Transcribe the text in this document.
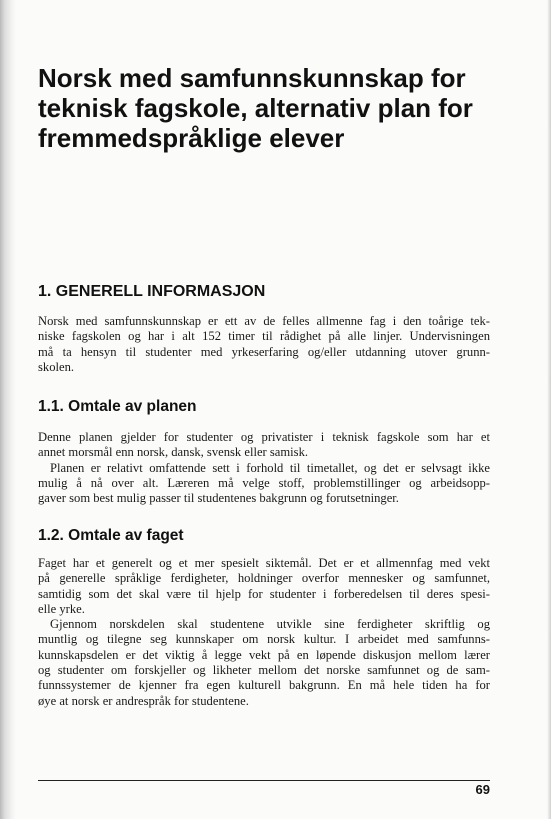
Norsk med samfunnskunnskap for
teknisk fagskole, alternativ plan for
fremmedspråklige elever
1. GENERELL INFORMASJON
Norsk med samfunnskunnskap er ett av de felles allmenne fag i den toårige tek-
niske fagskolen og har i alt 152 timer til rådighet på alle linjer. Undervisningen
må ta hensyn til studenter med yrkeserfaring og/eller utdanning utover grunn-
skolen.
1.1. Omtale av planen
Denne planen gjelder for studenter og privatister i teknisk fagskole som har et
annet morsmål enn norsk, dansk, svensk eller samisk.
Planen er relativt omfattende sett i forhold til timetallet, og det er selvsagt ikke
mulig å nå over alt. Læreren må velge stoff, problemstillinger og arbeidsopp-
gaver som best mulig passer til studentenes bakgrunn og forutsetninger.
1.2. Omtale av faget
Faget har et generelt og et mer spesielt siktemål. Det er et allmennfag med vekt
på generelle språklige ferdigheter, holdninger overfor mennesker og samfunnet,
samtidig som det skal være til hjelp for studenter i forberedelsen til deres spesi-
elle yrke.
Gjennom norskdelen skal studentene utvikle sine ferdigheter skriftlig og
muntlig og tilegne seg kunnskaper om norsk kultur. I arbeidet med samfunns-
kunnskapsdelen er det viktig å legge vekt på en løpende diskusjon mellom lærer
og studenter om forskjeller og likheter mellom det norske samfunnet og de sam-
funnssystemer de kjenner fra egen kulturell bakgrunn. En må hele tiden ha for
øye at norsk er andrespråk for studentene.
69
